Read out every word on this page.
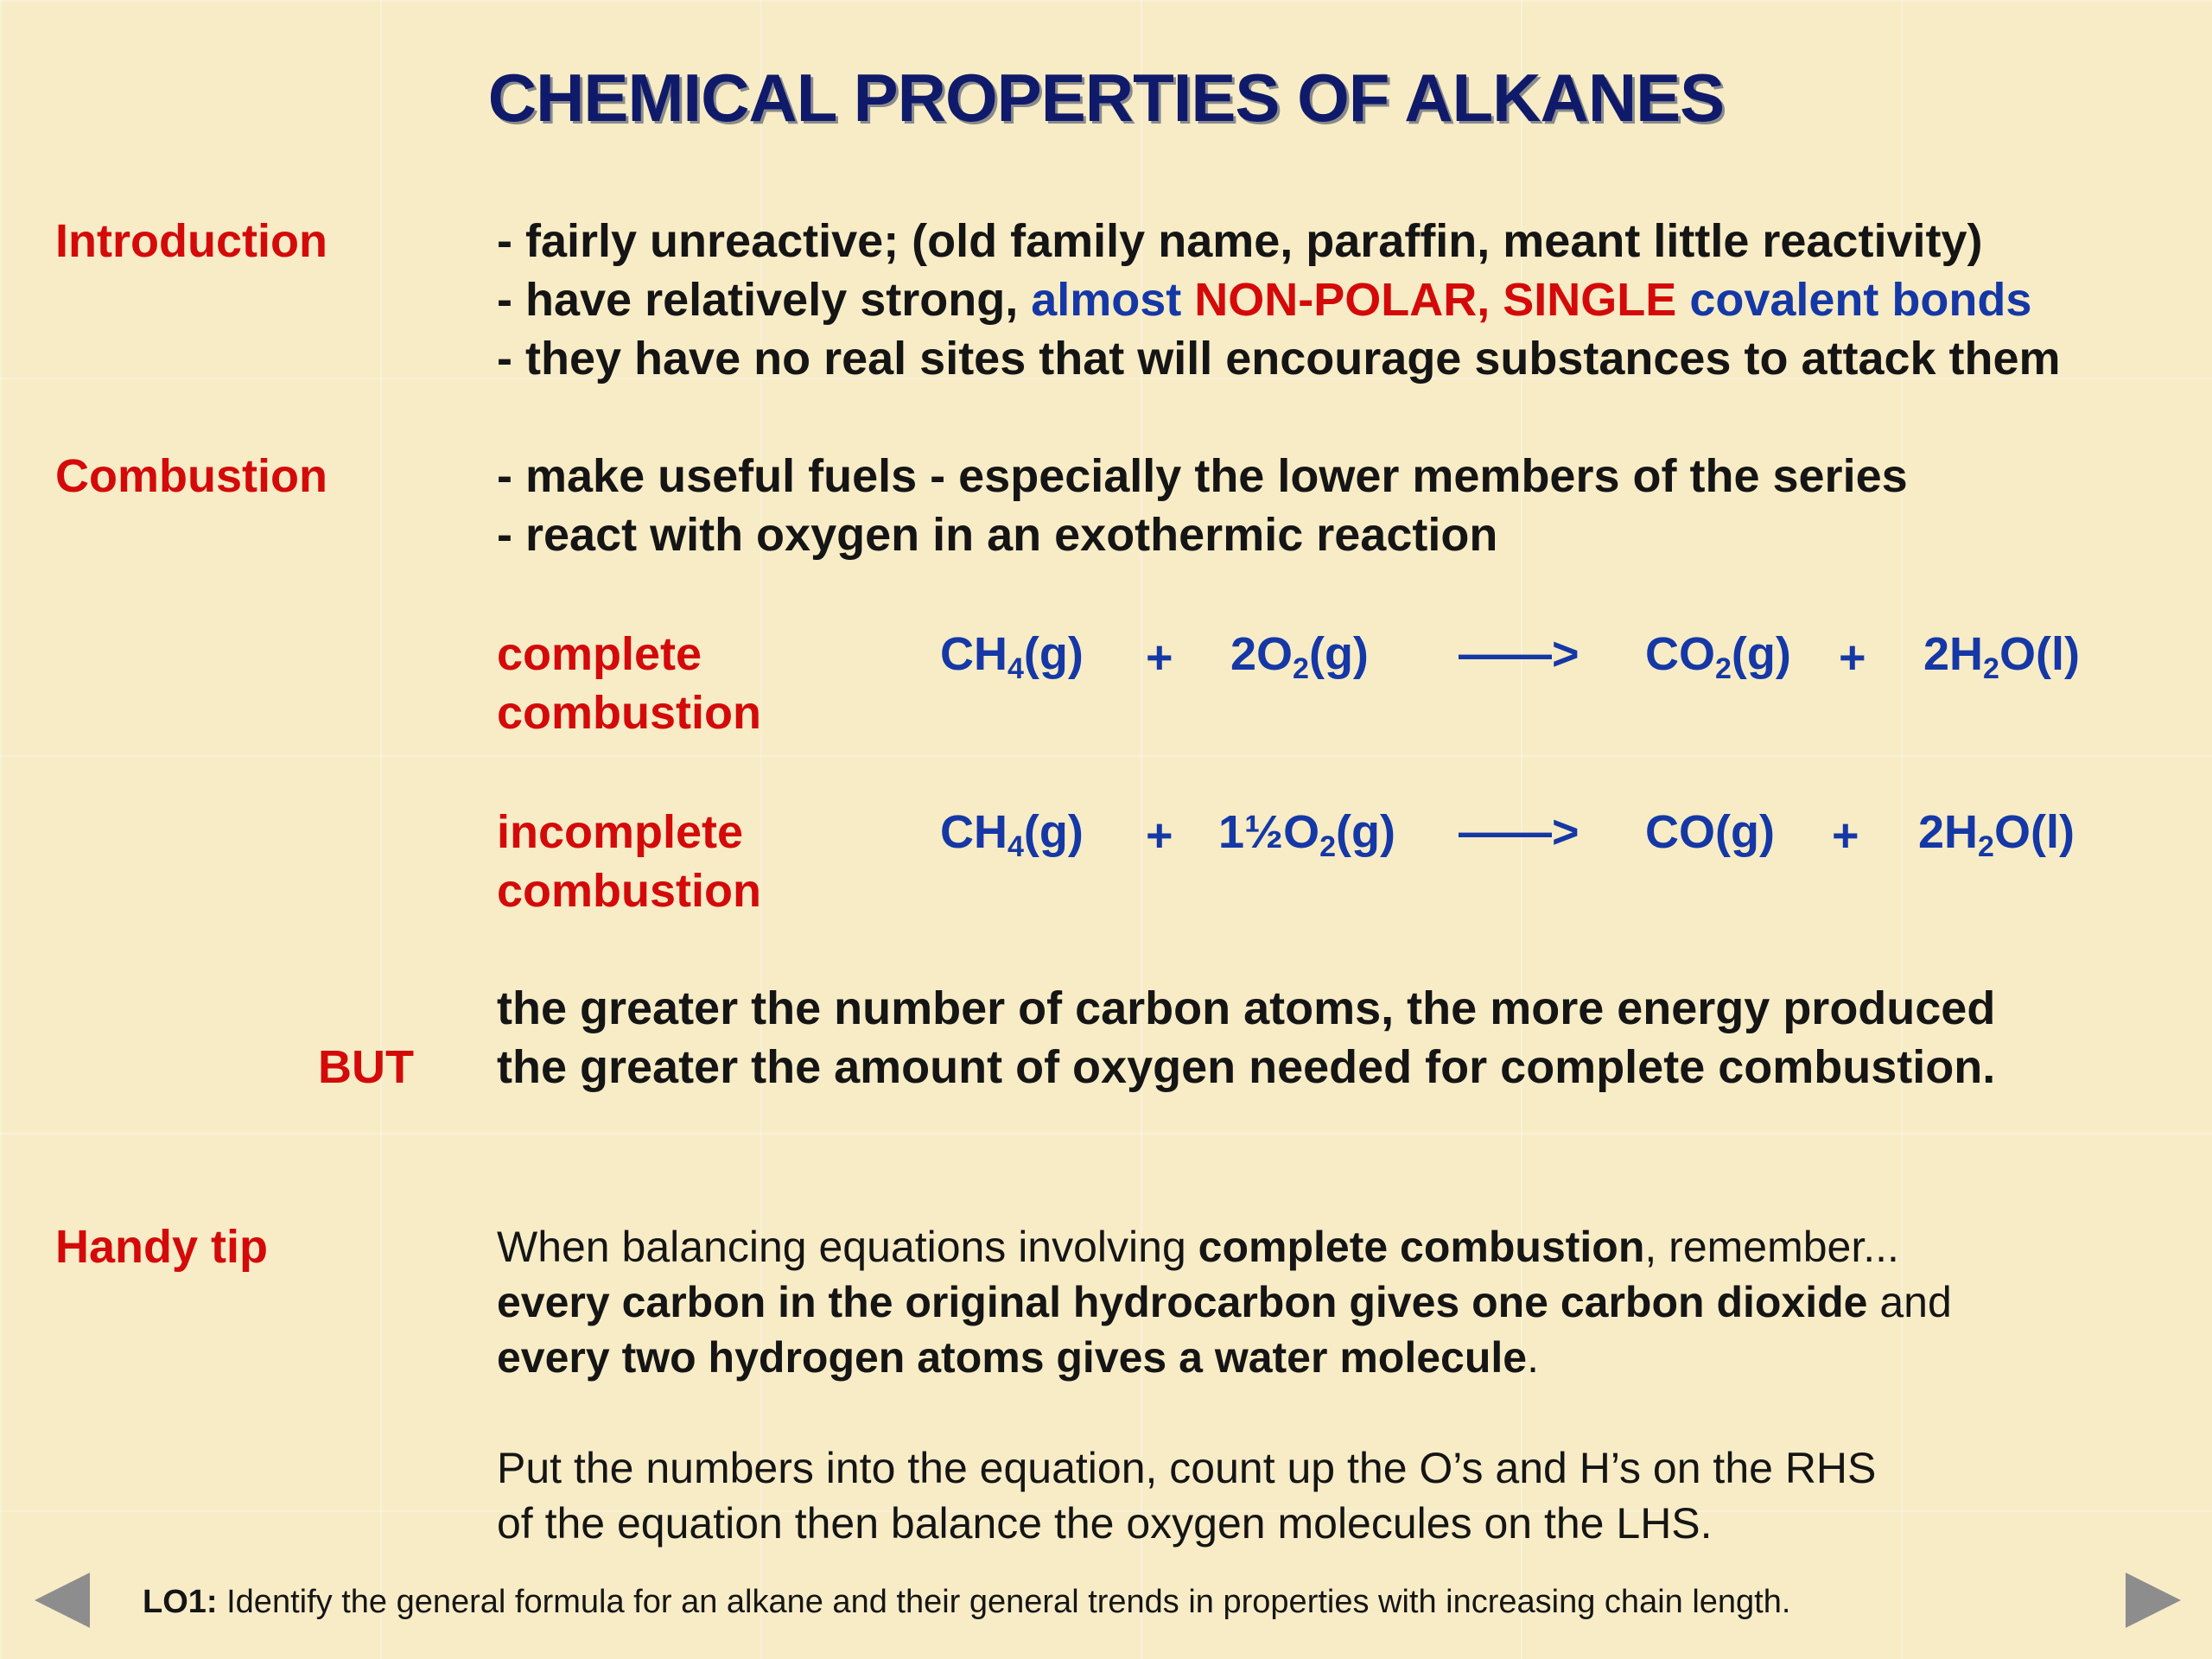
CHEMICAL PROPERTIES OF ALKANES
Introduction	- fairly unreactive; (old family name, paraffin, meant little reactivity)
- have relatively strong, almost NON-POLAR, SINGLE covalent bonds
- they have no real sites that will encourage substances to attack them
Combustion	- make useful fuels - especially the lower members of the series
- react with oxygen in an exothermic reaction
complete
combustion
$CH_4(g) + 2O_2(g)$ ——> $CO_2(g) + 2H_2O(l)$
incomplete
combustion
$CH_4(g)$ + $1\frac{1}{2}O_2(g)$ ——> $CO(g) + 2H_2O(l)$
the greater the number of carbon atoms, the more energy produced
BUT the greater the amount of oxygen needed for complete combustion.
Handy tip	When balancing equations involving complete combustion, remember...
every carbon in the original hydrocarbon gives one carbon dioxide and
every two hydrogen atoms gives a water molecule.
Put the numbers into the equation, count up the O’s and H’s on the RHS
of the equation then balance the oxygen molecules on the LHS.
LO1: Identify the general formula for an alkane and their general trends in properties with increasing chain length.
